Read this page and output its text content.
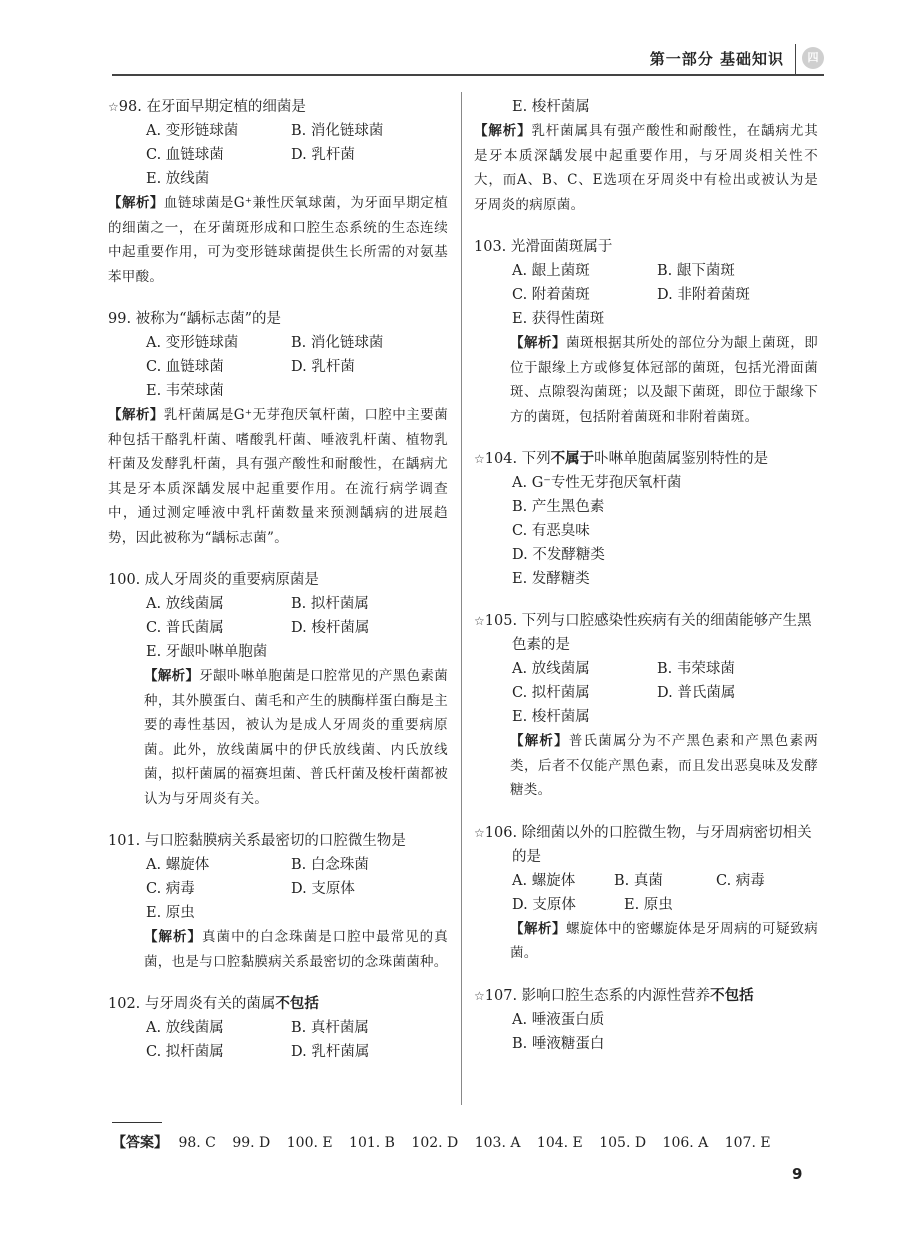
第一部分 基础知识	四
☆98. 在牙面早期定植的细菌是
A. 变形链球菌	B. 消化链球菌
C. 血链球菌	D. 乳杆菌
E. 放线菌
【解析】血链球菌是G⁺兼性厌氧球菌，为牙面早期定植的细菌之一，在牙菌斑形成和口腔生态系统的生态连续中起重要作用，可为变形链球菌提供生长所需的对氨基苯甲酸。
99. 被称为“龋标志菌”的是
A. 变形链球菌	B. 消化链球菌
C. 血链球菌	D. 乳杆菌
E. 韦荣球菌
【解析】乳杆菌属是G⁺无芽孢厌氧杆菌，口腔中主要菌种包括干酪乳杆菌、嗜酸乳杆菌、唾液乳杆菌、植物乳杆菌及发酵乳杆菌，具有强产酸性和耐酸性，在龋病尤其是牙本质深龋发展中起重要作用。在流行病学调查中，通过测定唾液中乳杆菌数量来预测龋病的进展趋势，因此被称为“龋标志菌”。
100. 成人牙周炎的重要病原菌是
A. 放线菌属	B. 拟杆菌属
C. 普氏菌属	D. 梭杆菌属
E. 牙龈卟啉单胞菌
【解析】牙龈卟啉单胞菌是口腔常见的产黑色素菌种，其外膜蛋白、菌毛和产生的胰酶样蛋白酶是主要的毒性基因，被认为是成人牙周炎的重要病原菌。此外，放线菌属中的伊氏放线菌、内氏放线菌，拟杆菌属的福赛坦菌、普氏杆菌及梭杆菌都被认为与牙周炎有关。
101. 与口腔黏膜病关系最密切的口腔微生物是
A. 螺旋体	B. 白念珠菌
C. 病毒	D. 支原体
E. 原虫
【解析】真菌中的白念珠菌是口腔中最常见的真菌，也是与口腔黏膜病关系最密切的念珠菌菌种。
102. 与牙周炎有关的菌属不包括
A. 放线菌属	B. 真杆菌属
C. 拟杆菌属	D. 乳杆菌属
E. 梭杆菌属
【解析】乳杆菌属具有强产酸性和耐酸性，在龋病尤其是牙本质深龋发展中起重要作用，与牙周炎相关性不大，而A、B、C、E选项在牙周炎中有检出或被认为是牙周炎的病原菌。
103. 光滑面菌斑属于
A. 龈上菌斑	B. 龈下菌斑
C. 附着菌斑	D. 非附着菌斑
E. 获得性菌斑
【解析】菌斑根据其所处的部位分为龈上菌斑，即位于龈缘上方或修复体冠部的菌斑，包括光滑面菌斑、点隙裂沟菌斑；以及龈下菌斑，即位于龈缘下方的菌斑，包括附着菌斑和非附着菌斑。
☆104. 下列不属于卟啉单胞菌属鉴别特性的是
A. G⁻专性无芽孢厌氧杆菌
B. 产生黑色素
C. 有恶臭味
D. 不发酵糖类
E. 发酵糖类
☆105. 下列与口腔感染性疾病有关的细菌能够产生黑色素的是
A. 放线菌属	B. 韦荣球菌
C. 拟杆菌属	D. 普氏菌属
E. 梭杆菌属
【解析】普氏菌属分为不产黑色素和产黑色素两类，后者不仅能产黑色素，而且发出恶臭味及发酵糖类。
☆106. 除细菌以外的口腔微生物，与牙周病密切相关的是
A. 螺旋体	B. 真菌	C. 病毒
D. 支原体	E. 原虫
【解析】螺旋体中的密螺旋体是牙周病的可疑致病菌。
☆107. 影响口腔生态系的内源性营养不包括
A. 唾液蛋白质
B. 唾液糖蛋白
【答案】 98. C 99. D 100. E 101. B 102. D 103. A 104. E 105. D 106. A 107. E
9
